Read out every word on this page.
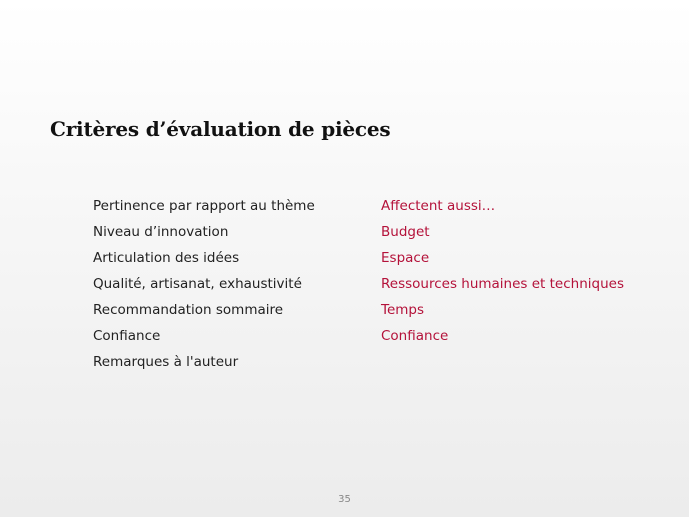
Critères d’évaluation de pièces
Pertinence par rapport au thème
Niveau d’innovation
Articulation des idées
Qualité, artisanat, exhaustivité
Recommandation sommaire
Confiance
Remarques à l'auteur
Affectent aussi…
Budget
Espace
Ressources humaines et techniques
Temps
Confiance
35
